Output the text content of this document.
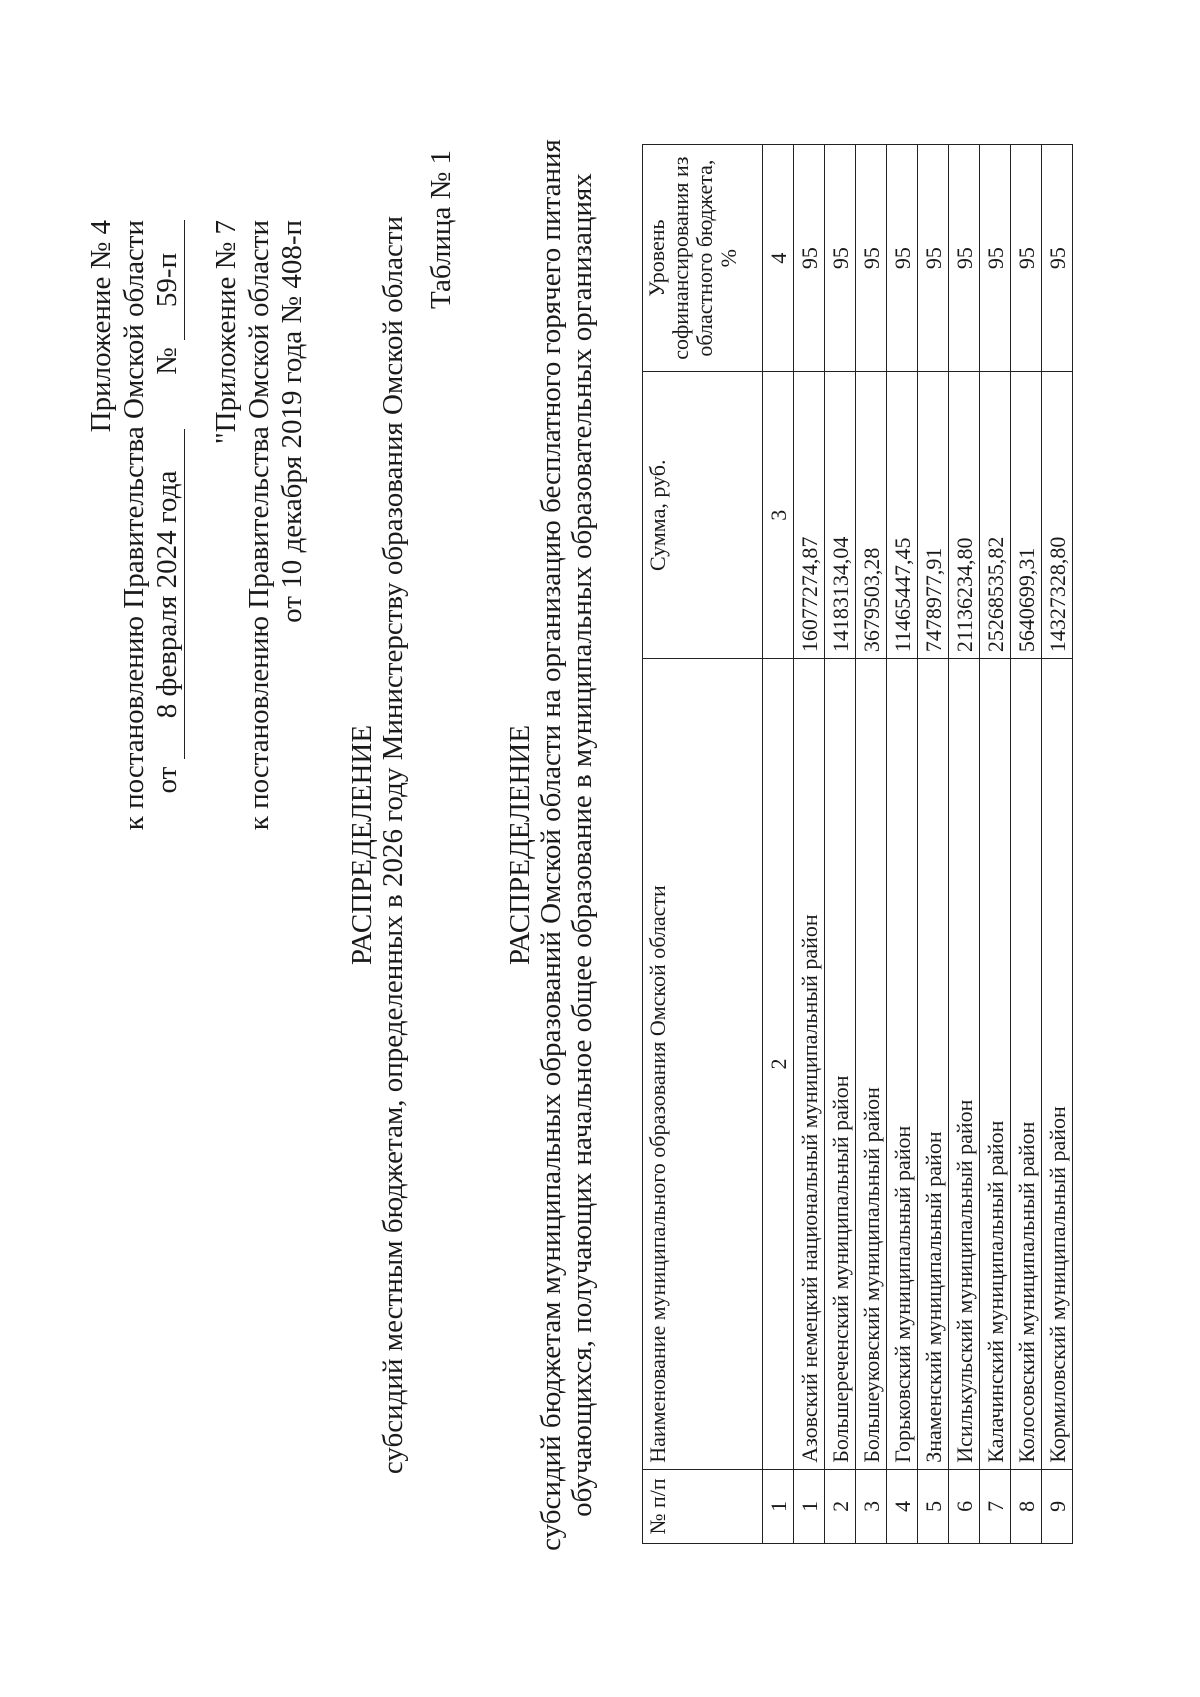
Приложение № 4 к постановлению Правительства Омской области от 8 февраля 2024 года  № 59-п "Приложение № 7 к постановлению Правительства Омской области от 10 декабря 2019 года № 408-п
РАСПРЕДЕЛЕНИЕ субсидий местным бюджетам, определенных в 2026 году Министерству образования Омской области Таблица № 1
РАСПРЕДЕЛЕНИЕ субсидий бюджетам муниципальных образований Омской области на организацию бесплатного горячего питания обучающихся, получающих начальное общее образование в муниципальных образовательных организациях № п/п	Наименование муниципального образования Омской области	Сумма, руб.	Уровень софинансирования из областного бюджета, %

1	2	3	4
1	Азовский немецкий национальный муниципальный район	16077274,87	95
2	Большереченский муниципальный район	14183134,04	95
3	Большеуковский муниципальный район	3679503,28	95
4	Горьковский муниципальный район	11465447,45	95
5	Знаменский муниципальный район	7478977,91	95
6	Исилькульский муниципальный район	21136234,80	95
7	Калачинский муниципальный район	25268535,82	95
8	Колосовский муниципальный район	5640699,31	95
9	Кормиловский муниципальный район	14327328,80	95
